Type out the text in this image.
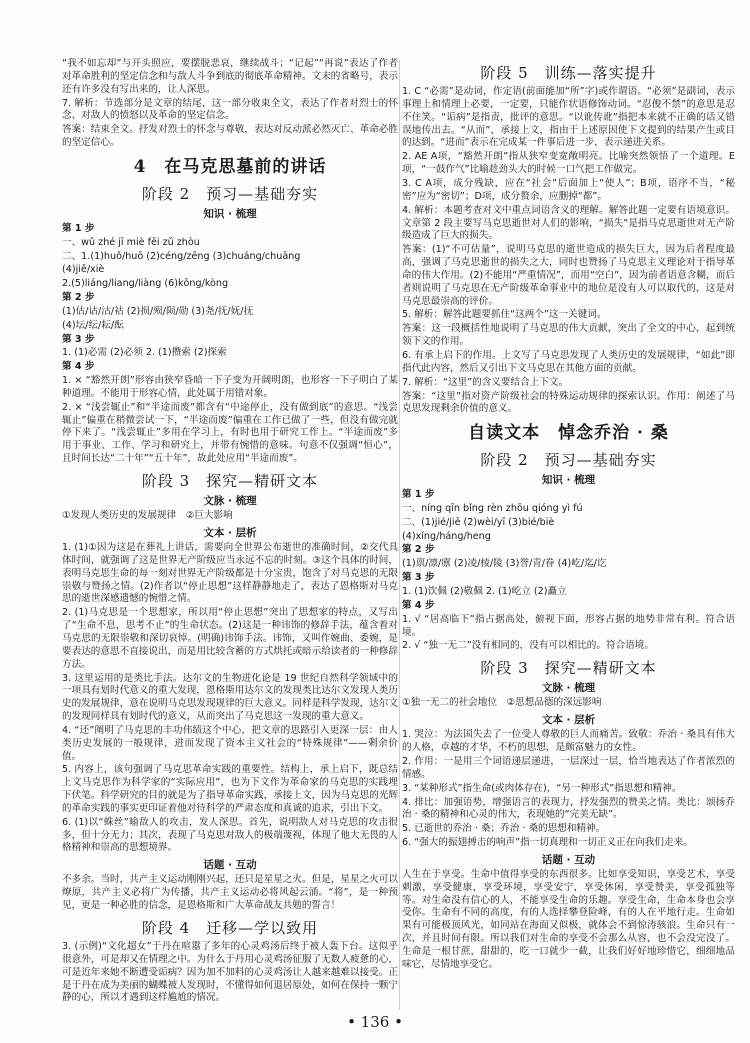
“我不如忘却”与开头照应，要摆脱悲哀，继续战斗；“记起”“再说”表达了作者对革命胜利的坚定信念和与敌人斗争到底的彻底革命精神。文末的省略号，表示还有许多没有写出来的，让人深思。

7. 解析：节选部分是文章的结尾，这一部分收束全文，表达了作者对烈士的怀念、对敌人的愤怒以及革命的坚定信念。

答案：结束全文。抒发对烈士的怀念与尊敬，表达对反动派必然灭亡、革命必胜的坚定信心。

4　在马克思墓前的讲话
阶段 2　预习—基础夯实
知识 · 梳理
第 1 步

一、wǔ zhé jī miè fēi zǔ zhòu

二、1.(1)huǒ/huō (2)céng/zēng (3)chuáng/chuāng

(4)jiě/xiè

2.(5)liáng/liang/liàng (6)kōng/kòng

第 2 步

(1)估/诂/沽/祜 (2)损/殒/陨/勋 (3)尧/抚/妩/抚

(4)坛/纭/耘/酝

第 3 步

1. (1)必需 (2)必须 2. (1)攒索 (2)探索

第 4 步

1. × “豁然开朗”形容由狭窄昏暗一下子变为开阔明朗，也形容一下子明白了某种道理。不能用于形容心情，此处属于用错对象。

2. × “浅尝辄止”和“半途而废”都含有“中途停止，没有做到底”的意思。“浅尝辄止”偏重在稍微尝试一下，“半途而废”偏重在工作已做了一些，但没有做完就停下来了。“浅尝辄止”多用在学习上，有时也用于研究工作上。“半途而废”多用于事业、工作、学习和研究上，并带有惋惜的意味。句意不仅强调“恒心”，且时间长达“二十年”“五十年”，故此处应用“半途而废”。

阶段 3　探究—精研文本
文脉 · 梳理

①发现人类历史的发展规律　②巨大影响

文本 · 层析

1. (1)①因为这是在葬礼上讲话，需要向全世界公布逝世的准确时间，②交代具体时间，就强调了这是世界无产阶级应当永远不忘的时刻。③这个具体的时间，表明马克思生命的每一刻对世界无产阶级都是十分宝贵，饱含了对马克思的无限崇敬与赞扬之情。(2)作者以“停止思想”这样静静地走了，表达了恩格斯对马克思的逝世深感遗憾的惋惜之情。

2. (1)马克思是一个思想家，所以用“停止思想”突出了思想家的特点，又写出了“生命不息，思考不止”的生命状态。(2)这是一种讳饰的修辞手法，蕴含着对马克思的无限崇敬和深切哀悼。(明确)讳饰手法。讳饰，又叫作婉曲、委婉，是要表达的意思不直接说出，而是用比较含蓄的方式烘托或暗示给读者的一种修辞方法。

3. 这里运用的是类比手法。达尔文的生物进化论是 19 世纪自然科学领域中的一项具有划时代意义的重大发现，恩格斯用达尔文的发现类比达尔文发现人类历史的发展规律，意在说明马克思发现规律的巨大意义。同样是科学发现，达尔文的发现同样具有划时代的意义，从而突出了马克思这一发现的重大意义。

4. “还”阐明了马克思的丰功伟绩这个中心，把文章的思路引入更深一层：由人类历史发展的一般规律，进而发现了资本主义社会的“特殊规律”——剩余价值。

5. 内容上，该句强调了马克思革命实践的重要性。结构上，承上启下，既总结上文马克思作为科学家的“实际应用”，也为下文作为革命家的马克思的实践埋下伏笔。科学研究的目的就是为了指导革命实践，承接上文，因为马克思的光辉的革命实践的事实更印证着他对待科学的严肃态度和真诚的追求，引出下文。

6. (1)以“蛛丝”喻敌人的攻击，发人深思。首先，说明敌人对马克思的攻击很多，但十分无力；其次，表现了马克思对敌人的极端蔑视，体现了他大无畏的人格精神和崇高的思想境界。

话题 · 互动

不多余。当时，共产主义运动刚刚兴起，还只是星星之火。但是，星星之火可以燎原，共产主义必将广为传播，共产主义运动必将风起云涌。“将”，是一种预见，更是一种必胜的信念，是恩格斯和广大革命战友共勉的誓言！

阶段 4　迁移—学以致用

3. (示例)“文化超女”于丹在喧嚣了多年的心灵鸡汤后终于被人轰下台。这似乎很意外，可是却又在情理之中。为什么于丹用心灵鸡汤征服了无数人疲惫的心，可是近年来她不断遭受诟病？因为加不加料的心灵鸡汤让人越来越难以接受。正是于丹在成为美丽的蝴蝶被人发现时，不懂得如何退居原处，如何在保持一颗宁静的心，所以才遇到这样尴尬的情况。

阶段 5　训练—落实提升

1. C “必需”是动词，作定语(前面能加“所”字)或作谓语。“必须”是副词，表示事理上和情理上必要，一定要，只能作状语修饰动词。“忍俊不禁”的意思是忍不住笑。“诟病”是指责，批评的意思。“以讹传讹”指把本来就不正确的话又错误地传出去。“从而”，承接上文，指由于上述原因使下文提到的结果产生或目的达到。“进而”表示在完成某一件事后进一步，表示递进关系。

2. AE A项，“豁然开朗”指从狭窄变宽敞明亮。比喻突然领悟了一个道理。E项，“一鼓作气”比喻趁劲头大的时候一口气把工作做完。

3. C A项，成分残缺，应在“社会”后面加上“使人”；B项，语序不当，“秘密”应为“密切”；D项，成分赘余，应删掉“都”。

4. 解析：本题考查对文中重点词语含义的理解。解答此题一定要有语境意识。文章第 2 段主要写马克思逝世对人们的影响，“损失”是指马克思逝世对无产阶级造成了巨大的损失。

答案：(1)“不可估量”，说明马克思的逝世造成的损失巨大，因为后者程度最高，强调了马克思逝世的损失之大，同时也赞扬了马克思主义理论对于指导革命的伟大作用。(2)不能用“严重情况”，而用“空白”，因为前者语意含糊，而后者则说明了马克思在无产阶级革命事业中的地位是没有人可以取代的，这是对马克思最崇高的评价。

5. 解析：解答此题要抓住“这两个”这一关键词。

答案：这一段概括性地说明了马克思的伟大贡献，突出了全文的中心，起到统领下文的作用。

6. 有承上启下的作用。上文写了马克思发现了人类历史的发展规律，“如此”即指代此内容，然后又引出下文马克思在其他方面的贡献。

7. 解析：“这里”的含义要结合上下文。

答案：“这里”指对资产阶级社会的特殊运动规律的探索认识。作用：阐述了马克思发现剩余价值的意义。

自读文本　悼念乔治 · 桑
阶段 2　预习—基础夯实
知识 · 梳理
第 1 步

一、níng qīn bǐng rèn zhōu qióng yì fú

二、(1)jié/jiē (2)wèi/yī (3)bié/biè

(4)xíng/háng/heng

第 2 步

(1)禀/凛/廪 (2)凌/棱/陵 (3)誉/青/眷 (4)屹/迄/讫

第 3 步

1. (1)饮佩 (2)敬佩 2. (1)屹立 (2)矗立

第 4 步

1. √ “居高临下”指占据高处，俯视下面，形容占据的地势非常有利。符合语境。

2. √ “独一无二”没有相同的，没有可以相比的。符合语境。

阶段 3　探究—精研文本
文脉 · 梳理

①独一无二的社会地位　②思想品德的深远影响

文本 · 层析

1. 哭泣：为法国失去了一位受人尊敬的巨人而痛苦。致敬：乔治 · 桑具有伟大的人格，卓越的才华，不朽的思想，是颇富魅力的女性。

2. 作用：一是用三个词语递层递进，一层深过一层，恰当地表达了作者浓烈的情感。

3. “某种形式”指生命(或肉体存在)，“另一种形式”指思想和精神。

4. 排比：加强语势，增强语言的表现力，抒发强烈的赞美之情。类比：颂扬乔治 · 桑的精神和心灵的伟大，表现她的“完美无缺”。

5. 已逝世的乔治 · 桑；乔治 · 桑的思想和精神。

6. “强大的振翅搏击的响声”指一切真理和一切正义正在向我们走来。

话题 · 互动

人生在于享受。生命中值得享受的东西很多。比如享受知识，享受艺术，享受刺激，享受健康，享受环境，享受安宁，享受休闲，享受赞美，享受孤独等等。对生命没有信心的人，不能享受生命的乐趣。享受生命，生命本身也会享受你。生命有不同的高度，有的人选择攀登险峰，有的人在平地行走。生命如果有可能极顶风光，如同站在海面又似极，就体会不到惊涛骇浪。生命只有一次，并且时间有限。所以我们对生命的享受不会那么从容，也不会没完没了。生命是一根甘蔗，甜甜的，吃一口就少一截，让我们好好地珍惜它，细细地品味它，尽情地享受它。

• 136 •
